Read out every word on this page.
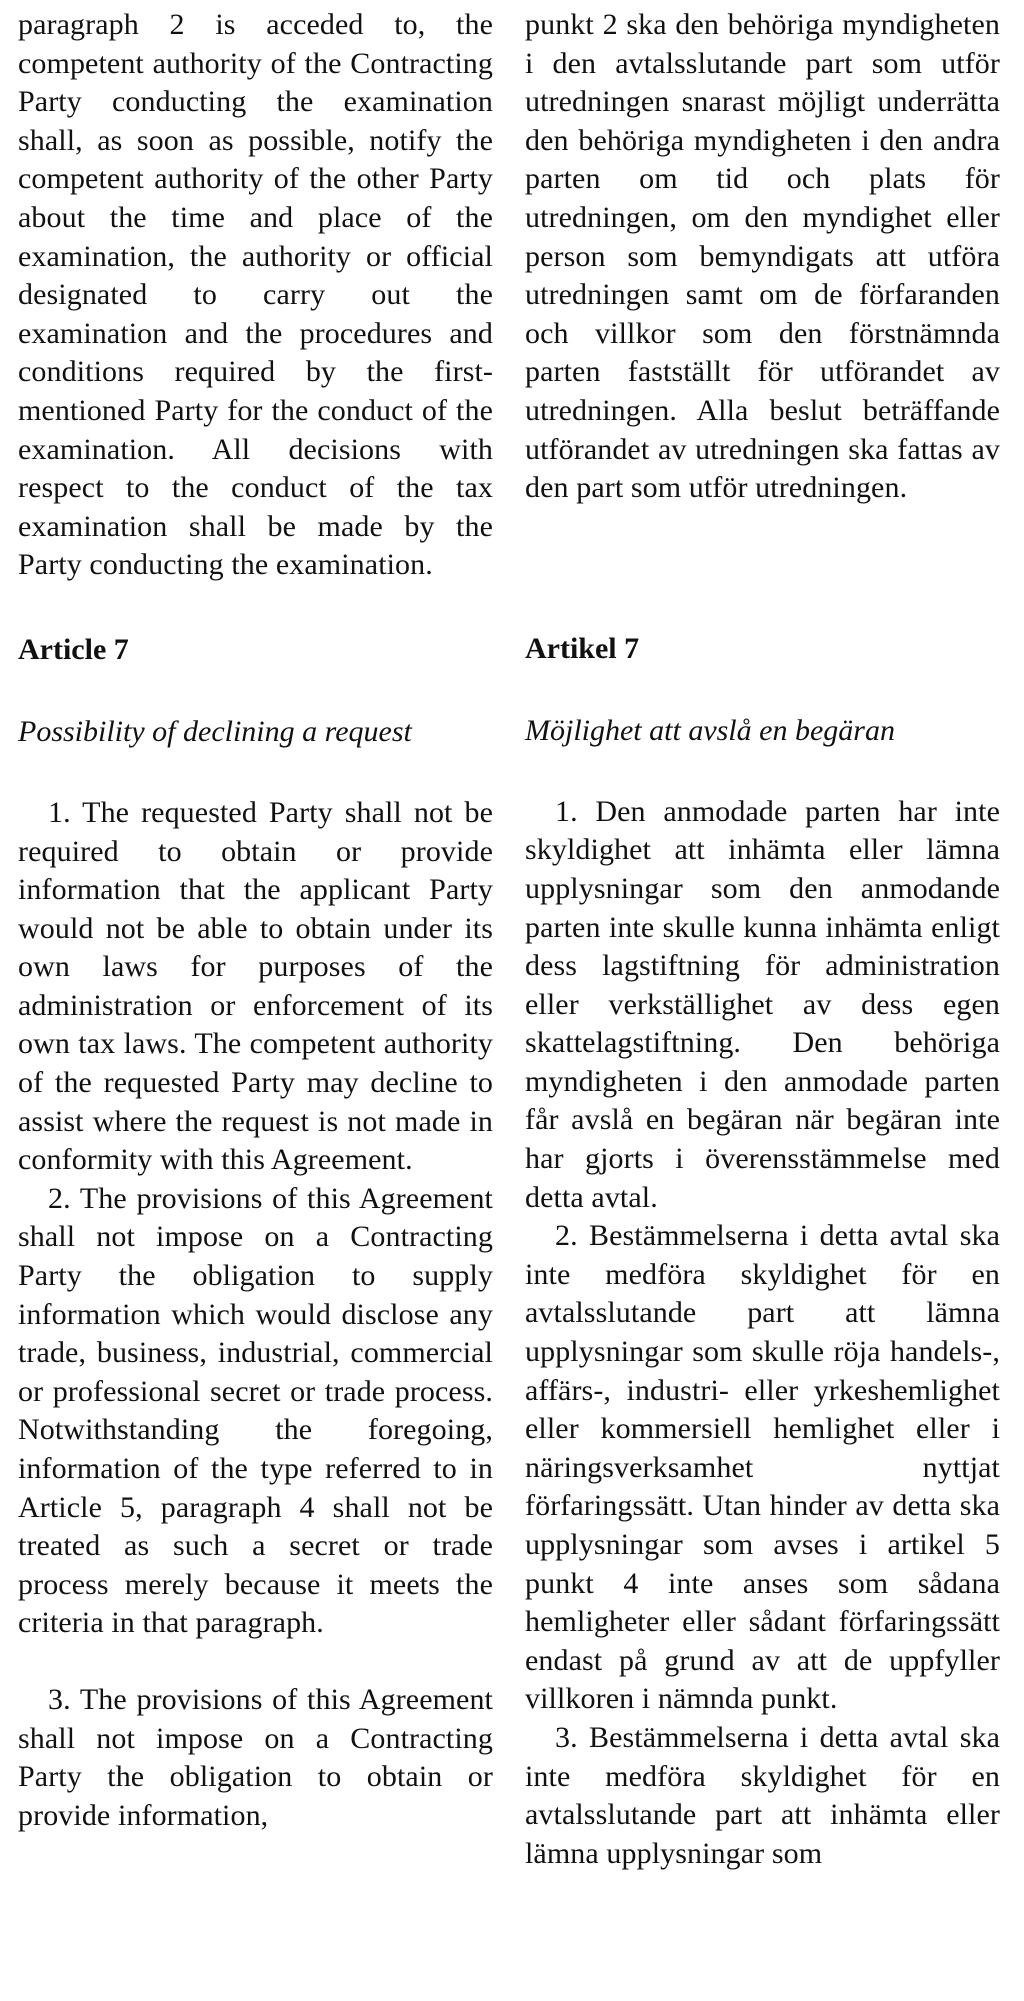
paragraph 2 is acceded to, the competent authority of the Contracting Party conducting the examination shall, as soon as possible, notify the competent authority of the other Party about the time and place of the examination, the authority or official designated to carry out the examination and the procedures and conditions required by the first-mentioned Party for the conduct of the examination. All decisions with respect to the conduct of the tax examination shall be made by the Party conducting the examination.

Article 7

Possibility of declining a request

1. The requested Party shall not be required to obtain or provide information that the applicant Party would not be able to obtain under its own laws for purposes of the administration or enforcement of its own tax laws. The competent authority of the requested Party may decline to assist where the request is not made in conformity with this Agreement.

2. The provisions of this Agreement shall not impose on a Contracting Party the obligation to supply information which would disclose any trade, business, industrial, commercial or professional secret or trade process. Notwithstanding the foregoing, information of the type referred to in Article 5, paragraph 4 shall not be treated as such a secret or trade process merely because it meets the criteria in that paragraph.

3. The provisions of this Agreement shall not impose on a Contracting Party the obligation to obtain or provide information,

punkt 2 ska den behöriga myndigheten i den avtalsslutande part som utför utredningen snarast möjligt underrätta den behöriga myndigheten i den andra parten om tid och plats för utredningen, om den myndighet eller person som bemyndigats att utföra utredningen samt om de förfaranden och villkor som den förstnämnda parten fastställt för utförandet av utredningen. Alla beslut beträffande utförandet av utredningen ska fattas av den part som utför utredningen.

Artikel 7

Möjlighet att avslå en begäran

1. Den anmodade parten har inte skyldighet att inhämta eller lämna upplysningar som den anmodande parten inte skulle kunna inhämta enligt dess lagstiftning för administration eller verkställighet av dess egen skattelagstiftning. Den behöriga myndigheten i den anmodade parten får avslå en begäran när begäran inte har gjorts i överensstämmelse med detta avtal.

2. Bestämmelserna i detta avtal ska inte medföra skyldighet för en avtalsslutande part att lämna upplysningar som skulle röja handels-, affärs-, industri- eller yrkeshemlighet eller kommersiell hemlighet eller i näringsverksamhet nyttjat förfaringssätt. Utan hinder av detta ska upplysningar som avses i artikel 5 punkt 4 inte anses som sådana hemligheter eller sådant förfaringssätt endast på grund av att de uppfyller villkoren i nämnda punkt.

3. Bestämmelserna i detta avtal ska inte medföra skyldighet för en avtalsslutande part att inhämta eller lämna upplysningar som
